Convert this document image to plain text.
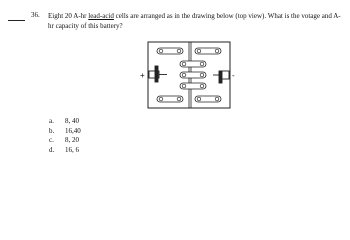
36. Eight 20 A-hr lead-acid cells are arranged as in the drawing below (top view). What is the votage and A-hr capacity of this battery?
+	-
a.	8, 40
b.	16,40
c.	8, 20
d.	16, 6
